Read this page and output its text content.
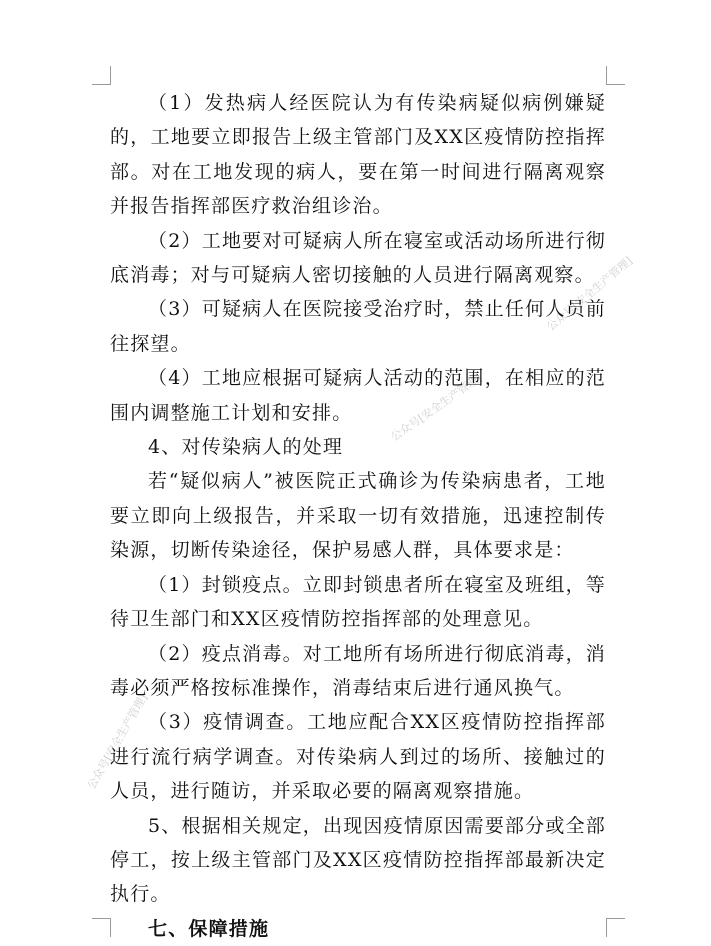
公众号[安全生产管理]
公众号[安全生产管理]
公众号[安全生产管理]

（1）发热病人经医院认为有传染病疑似病例嫌疑的，工地要立即报告上级主管部门及XX区疫情防控指挥部。对在工地发现的病人，要在第一时间进行隔离观察并报告指挥部医疗救治组诊治。

（2）工地要对可疑病人所在寝室或活动场所进行彻底消毒；对与可疑病人密切接触的人员进行隔离观察。

（3）可疑病人在医院接受治疗时，禁止任何人员前往探望。

（4）工地应根据可疑病人活动的范围，在相应的范围内调整施工计划和安排。

4、对传染病人的处理

若“疑似病人”被医院正式确诊为传染病患者，工地要立即向上级报告，并采取一切有效措施，迅速控制传染源，切断传染途径，保护易感人群，具体要求是：

（1）封锁疫点。立即封锁患者所在寝室及班组，等待卫生部门和XX区疫情防控指挥部的处理意见。

（2）疫点消毒。对工地所有场所进行彻底消毒，消毒必须严格按标准操作，消毒结束后进行通风换气。

（3）疫情调查。工地应配合XX区疫情防控指挥部进行流行病学调查。对传染病人到过的场所、接触过的人员，进行随访，并采取必要的隔离观察措施。

5、根据相关规定，出现因疫情原因需要部分或全部停工，按上级主管部门及XX区疫情防控指挥部最新决定执行。

七、保障措施
